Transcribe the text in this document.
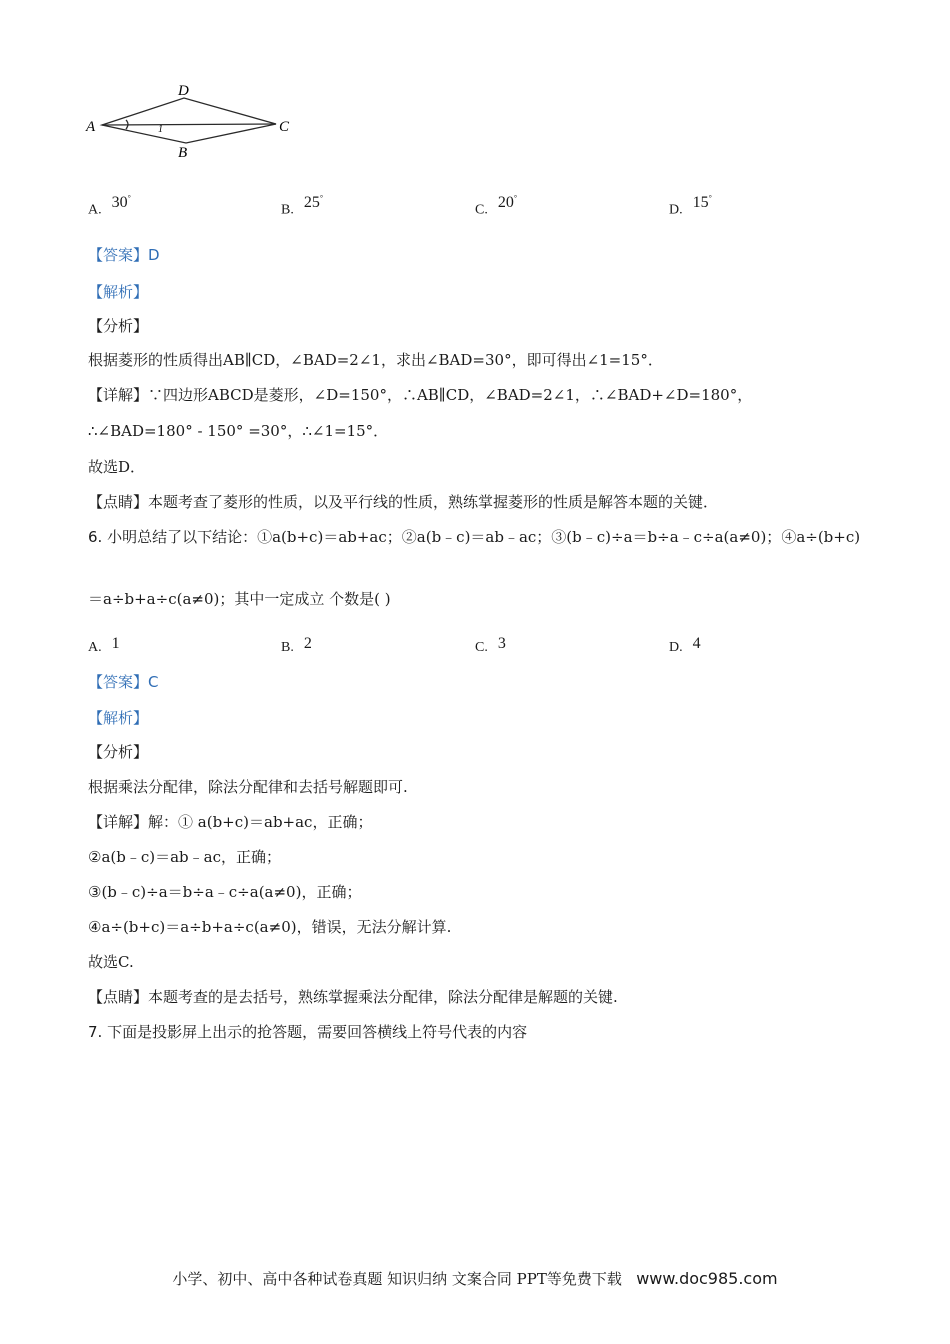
A
D
C
B
1
A. 30°
B. 25°
C. 20°
D. 15°
【答案】D
【解析】
【分析】
根据菱形的性质得出AB∥CD，∠BAD=2∠1，求出∠BAD=30°，即可得出∠1=15°．
【详解】∵四边形ABCD是菱形，∠D=150°，∴AB∥CD，∠BAD=2∠1，∴∠BAD+∠D=180°，
∴∠BAD=180° - 150° =30°，∴∠1=15°．
故选D．
【点睛】本题考查了菱形的性质，以及平行线的性质，熟练掌握菱形的性质是解答本题的关键．
6. 小明总结了以下结论：①a(b+c)＝ab+ac；②a(b﹣c)＝ab﹣ac；③(b﹣c)÷a＝b÷a﹣c÷a(a≠0)；④a÷(b+c)
＝a÷b+a÷c(a≠0)；其中一定成立 个数是( )
A. 1	B. 2	C. 3	D. 4
【答案】C
【解析】
【分析】
根据乘法分配律，除法分配律和去括号解题即可.
【详解】解：① a(b+c)＝ab+ac，正确；
②a(b﹣c)＝ab﹣ac，正确；
③(b﹣c)÷a＝b÷a﹣c÷a(a≠0)，正确；
④a÷(b+c)＝a÷b+a÷c(a≠0)，错误，无法分解计算.
故选C.
【点睛】本题考查的是去括号，熟练掌握乘法分配律，除法分配律是解题的关键.
7. 下面是投影屏上出示的抢答题，需要回答横线上符号代表的内容
小学、初中、高中各种试卷真题 知识归纳 文案合同 PPT等免费下载 www.doc985.com
